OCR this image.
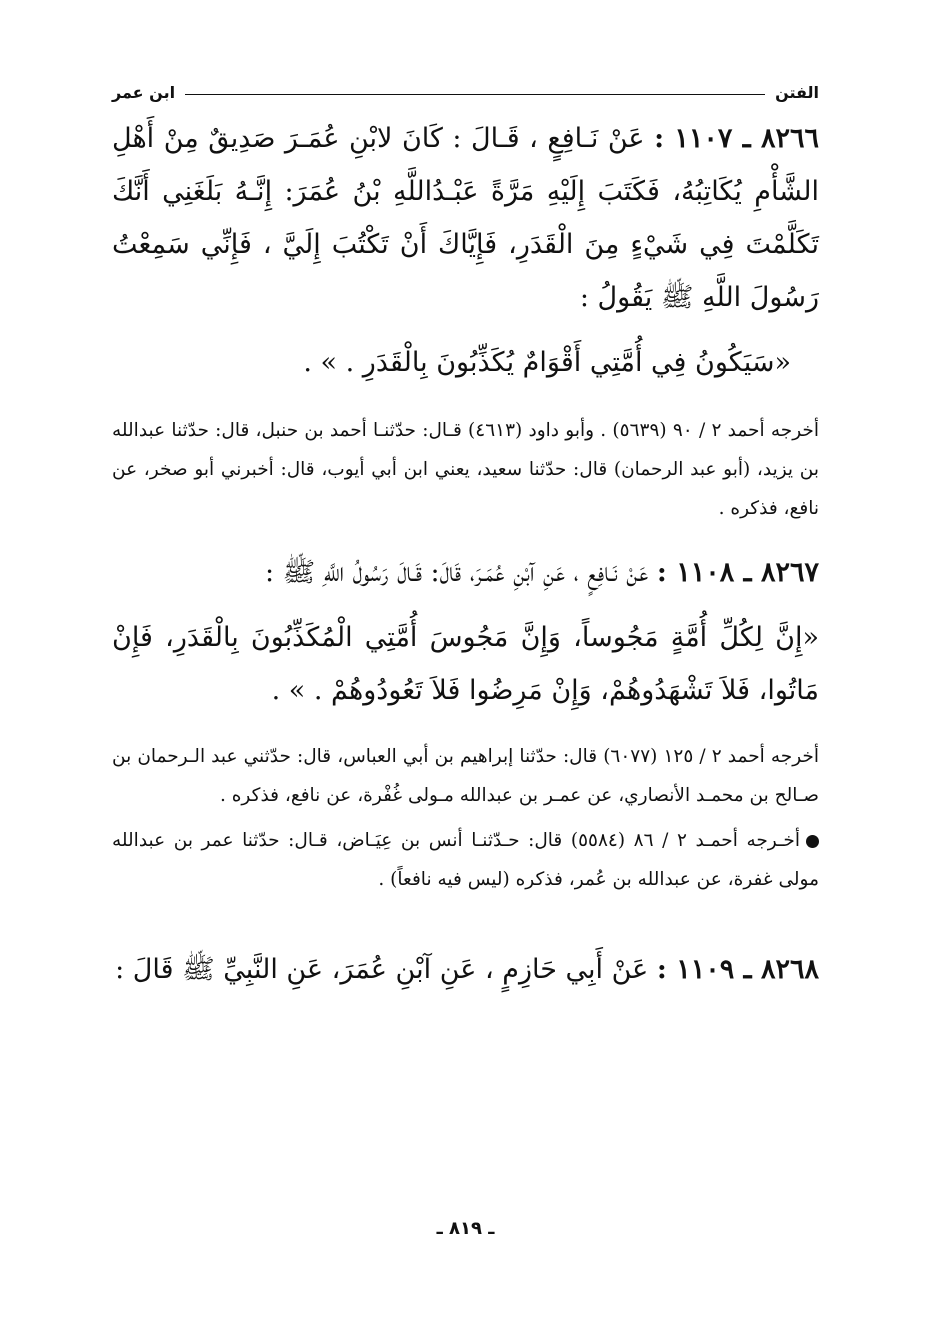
الفتن
ابن عمر

٨٢٦٦ ـ ١١٠٧ : عَنْ نَـافِعٍ ، قَـالَ : كَانَ لابْنِ عُمَـرَ صَدِيقٌ مِنْ أَهْلِ الشَّأْمِ يُكَاتِبُهُ، فَكَتَبَ إِلَيْهِ مَرَّةً عَبْـدُاللَّهِ بْنُ عُمَرَ: إِنَّـهُ بَلَغَنِي أَنَّكَ تَكَلَّمْتَ فِي شَيْءٍ مِنَ الْقَدَرِ، فَإِيَّاكَ أَنْ تَكْتُبَ إِلَيَّ ، فَإِنِّي سَمِعْتُ رَسُولَ اللَّهِ ﷺ يَقُولُ :

«سَيَكُونُ فِي أُمَّتِي أَقْوَامٌ يُكَذِّبُونَ بِالْقَدَرِ . » .

أخرجه أحمد ٢ / ٩٠ (٥٦٣٩) . وأبو داود (٤٦١٣) قـال: حدّثنـا أحمد بن حنبل، قال: حدّثنا عبدالله بن يزيد، (أبو عبد الرحمان) قال: حدّثنا سعيد، يعني ابن أبي أيوب، قال: أخبرني أبو صخر، عن نافع، فذكره .

٨٢٦٧ ـ ١١٠٨ : عَنْ نَـافِعٍ ، عَنِ آبْنِ عُمَـرَ، قَالَ: قَـالَ رَسُولُ اللَّهِ ﷺ :

«إِنَّ لِكُلِّ أُمَّةٍ مَجُوساً، وَإِنَّ مَجُوسَ أُمَّتِي الْمُكَذِّبُونَ بِالْقَدَرِ، فَإِنْ مَاتُوا، فَلاَ تَشْهَدُوهُمْ، وَإِنْ مَرِضُوا فَلاَ تَعُودُوهُمْ . » .

أخرجه أحمد ٢ / ١٢٥ (٦٠٧٧) قال: حدّثنا إبراهيم بن أبي العباس، قال: حدّثني عبد الـرحمان بن صـالح بن محمـد الأنصاري، عن عمـر بن عبدالله مـولى غُفْرة، عن نافع، فذكره .

أخـرجه أحمـد ٢ / ٨٦ (٥٥٨٤) قال: حـدّثنـا أنس بن عِيَـاض، قـال: حدّثنا عمر بن عبدالله مولى غفرة، عن عبدالله بن عُمر، فذكره (ليس فيه نافعاً) .

٨٢٦٨ ـ ١١٠٩ : عَنْ أَبِي حَازِمٍ ، عَنِ آبْنِ عُمَرَ، عَنِ النَّبِيِّ ﷺ قَالَ :

ـ ٨١٩ ـ
